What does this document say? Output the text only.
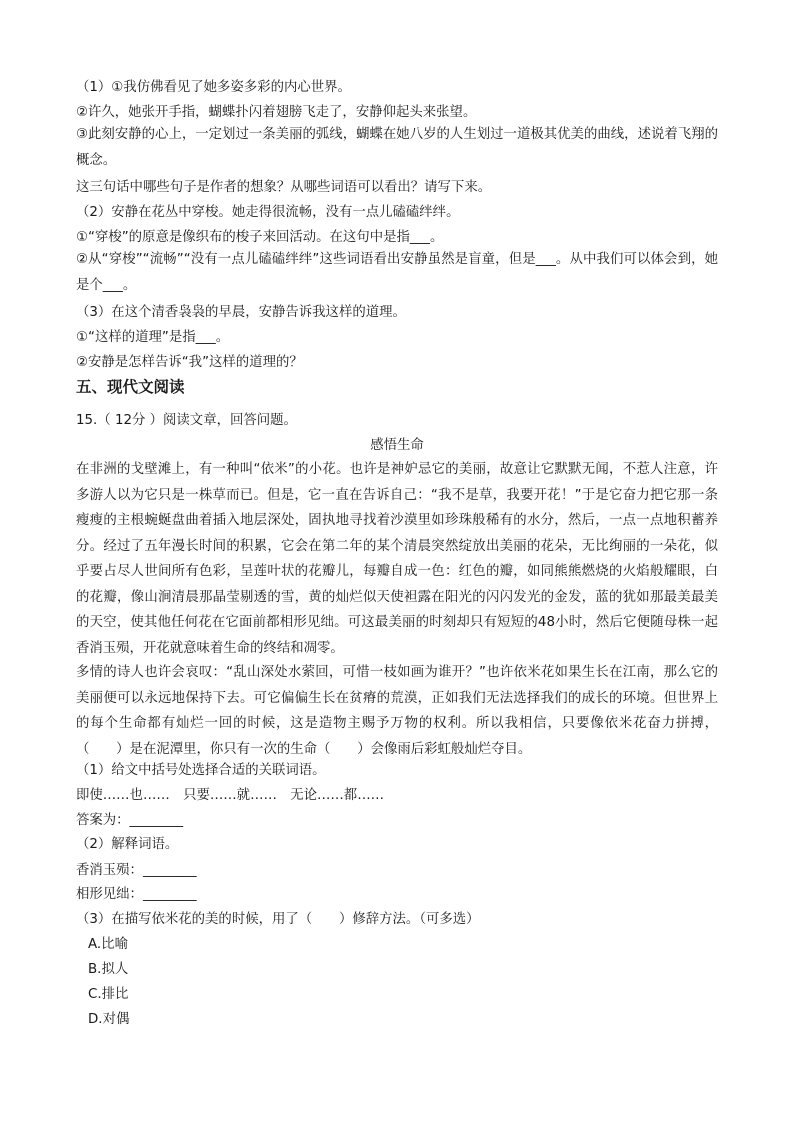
（1）①我仿佛看见了她多姿多彩的内心世界。
②许久，她张开手指，蝴蝶扑闪着翅膀飞走了，安静仰起头来张望。
③此刻安静的心上，一定划过一条美丽的弧线，蝴蝶在她八岁的人生划过一道极其优美的曲线，述说着飞翔的概念。
这三句话中哪些句子是作者的想象？从哪些词语可以看出？请写下来。
（2）安静在花丛中穿梭。她走得很流畅，没有一点儿磕磕绊绊。
①“穿梭”的原意是像织布的梭子来回活动。在这句中是指___。
②从“穿梭”“流畅”“没有一点儿磕磕绊绊”这些词语看出安静虽然是盲童，但是___。从中我们可以体会到，她是个___。
（3）在这个清香袅袅的早晨，安静告诉我这样的道理。
①“这样的道理”是指___。
②安静是怎样告诉“我”这样的道理的？
五、现代文阅读
15.（ 12分 ）阅读文章，回答问题。
感悟生命
在非洲的戈壁滩上，有一种叫“依米”的小花。也许是神妒忌它的美丽，故意让它默默无闻，不惹人注意，许多游人以为它只是一株草而已。但是，它一直在告诉自己：“我不是草，我要开花！”于是它奋力把它那一条瘦瘦的主根蜿蜒盘曲着插入地层深处，固执地寻找着沙漠里如珍珠般稀有的水分，然后，一点一点地积蓄养分。经过了五年漫长时间的积累，它会在第二年的某个清晨突然绽放出美丽的花朵，无比绚丽的一朵花，似乎要占尽人世间所有色彩，呈莲叶状的花瓣儿，每瓣自成一色：红色的瓣，如同熊熊燃烧的火焰般耀眼，白的花瓣，像山涧清晨那晶莹剔透的雪，黄的灿烂似天使袒露在阳光的闪闪发光的金发，蓝的犹如那最美最美的天空，使其他任何花在它面前都相形见绌。可这最美丽的时刻却只有短短的48小时，然后它便随母株一起香消玉殒，开花就意味着生命的终结和凋零。
多情的诗人也许会哀叹：“乱山深处水萦回，可惜一枝如画为谁开？”也许依米花如果生长在江南，那么它的美丽便可以永远地保持下去。可它偏偏生长在贫瘠的荒漠，正如我们无法选择我们的成长的环境。但世界上的每个生命都有灿烂一回的时候，这是造物主赐予万物的权利。所以我相信，只要像依米花奋力拼搏，（　　）是在泥潭里，你只有一次的生命（　　）会像雨后彩虹般灿烂夺目。
（1）给文中括号处选择合适的关联词语。
即使……也……　只要……就……　无论……都……
答案为：________
（2）解释词语。
香消玉殒：________
相形见绌：________
（3）在描写依米花的美的时候，用了（　　）修辞方法。（可多选）
A.比喻
B.拟人
C.排比
D.对偶
